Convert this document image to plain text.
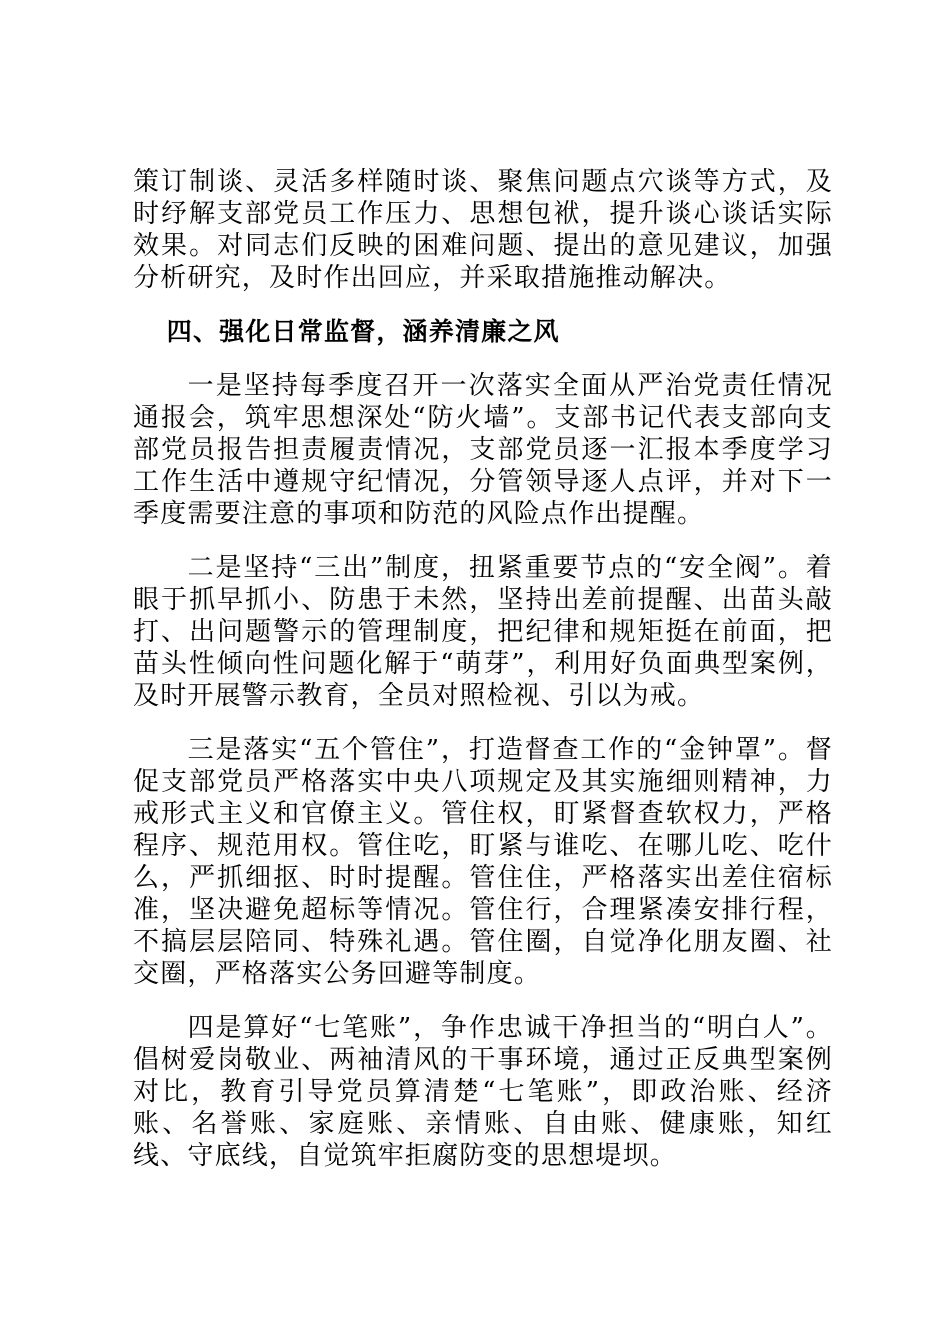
策订制谈、灵活多样随时谈、聚焦问题点穴谈等方式，及时纾解支部党员工作压力、思想包袱，提升谈心谈话实际效果。对同志们反映的困难问题、提出的意见建议，加强分析研究，及时作出回应，并采取措施推动解决。

四、强化日常监督，涵养清廉之风

一是坚持每季度召开一次落实全面从严治党责任情况通报会，筑牢思想深处“防火墙”。支部书记代表支部向支部党员报告担责履责情况，支部党员逐一汇报本季度学习工作生活中遵规守纪情况，分管领导逐人点评，并对下一季度需要注意的事项和防范的风险点作出提醒。

二是坚持“三出”制度，扭紧重要节点的“安全阀”。着眼于抓早抓小、防患于未然，坚持出差前提醒、出苗头敲打、出问题警示的管理制度，把纪律和规矩挺在前面，把苗头性倾向性问题化解于“萌芽”，利用好负面典型案例，及时开展警示教育，全员对照检视、引以为戒。

三是落实“五个管住”，打造督查工作的“金钟罩”。督促支部党员严格落实中央八项规定及其实施细则精神，力戒形式主义和官僚主义。管住权，盯紧督查软权力，严格程序、规范用权。管住吃，盯紧与谁吃、在哪儿吃、吃什么，严抓细抠、时时提醒。管住住，严格落实出差住宿标准，坚决避免超标等情况。管住行，合理紧凑安排行程，不搞层层陪同、特殊礼遇。管住圈，自觉净化朋友圈、社交圈，严格落实公务回避等制度。

四是算好“七笔账”，争作忠诚干净担当的“明白人”。倡树爱岗敬业、两袖清风的干事环境，通过正反典型案例对比，教育引导党员算清楚“七笔账”，即政治账、经济账、名誉账、家庭账、亲情账、自由账、健康账，知红线、守底线，自觉筑牢拒腐防变的思想堤坝。
